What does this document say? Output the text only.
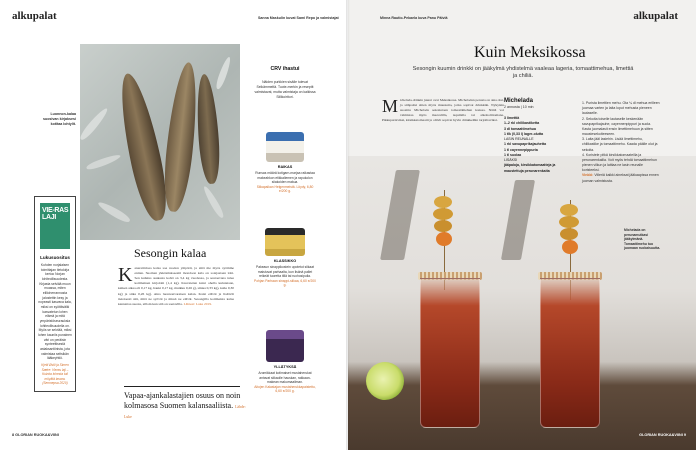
alkupalat	Sanna Maskulin kuvat Sami Repo ja valmistajat
Luonnon-kalaa suosivan kirjaksesi kotitaa lohtylit.
CRV ihastui
Näiden purkkien sisälle tulevat Seikämmeltä. Tuote-merkin ja reseptit valmistavat, mutta valmistaja on kaikissa Siilikoirttori.
RAIKAS
Runsas määrä kotigarn-marjaa raikastaa makeahkon etikkaliemen ja rapukolon siiakoiden makua.
Siikapaikan Helgenmeistä. Löydy, 6,80 e/200 g.
KLASSIKKO
Pakeaun sinappikostein upotetut siikaat maistuvat parhaalta, kun lisänä pallet reikeät tuoretta tillä tai ruohosipulia.
Pohjan Parhaan sinappi-siikaa, 6,60 e/200 g.
YLLÄTYKSÄ
Aromikkaat kotimaiset mustaherukat antavat siikaolle hauskan, rakkaan-makean makumaailman.
Aitojen Kalastajan mustaherukkapaistettu, 6,60 e/200 g.
VIE-RAS LAJI
Lukusuositus
Kuhden norjalaisen toimittajan tietokirja kertoo Norjan lohiteollisuudesta. Kirjasta selviää muun muassa, miten elilioherrannosta jalostettin kesy ja nopeasti kasvava kala, miksi on syöttävälki kasvatetun lohen elämä ja mitä ympäristöseurauksia lohiteollisuudella on. Myös se selviää, miksi lohen kauniis punainen väri on peräisin synteettisestä astaksantiinista, jota valmistaa seitsikän lääkeyhtiö.
Kjetil Østli ja Simen Sætre: Vieras laji – Kuinka lohesta tuli möyätä tavara. (Semnepsa 2020)
Sesongin kalaa
K aneratitrisaa kalaa saa ruodon ympärit, ja siitä me myös syömme eniten. Suomen ykkösmaiseesiti mondoon kala on sotajastaan lohi. Sen kulutus asukasta kohti on 3,4 kg vuodessa, ja seuraavana tulee kotimainen kirjolohi (1,4 kg). Kasvatetun kalat ohella kulutetaan, kaiken aikaa eli 0,17 kg, hauki 0,17 kg, muikku 0,26 g), siiaka 0,33 kg), kuha 0,30 kg) ja siika 0,26 kg). Aina luonnonvaraisen kalan. Kalat elävät ja lisäävät tietoisesti sitä, mitä ne syövät ja missä ne elävät. Sesongilla kotimaista kalaa kannattaa suosia, silloin kun sitä on saatavilla. Lähteet: Luke 2019.
Vapaa-ajankalastajien osuus on noin kolmasosa Suomen kalansaaliista. Lähde: Luke
8 GLORIAN RUOKA&VIINI
Minna Rautio-Pekaela kuva Panu Pälviä	alkupalat
Kuin Meksikossa
Sesongin kuumin drinkki on jääkylmä yhdistelmä vaaleaa lageria, tomaattimehua, limettiä ja chiliä.
M ichelada-drinkin juuret ovat Meksikossa. Micheladan perusta on aina olut, ja sitäpaitsi sitten myös mausteita, jotka sopivat drinkkiin. Nykyisin suosittu Michelada sekoitetaan tomaattimehun kanssa. Näitä voi valmistaa myös mezcalilla, tequilalla tai alkoholittomana. Pikkupurtaviksi, kirsikkatomaatit ja oliivit sopivat hyvin drinkkeihin tarjoiltaviksi.
Michelada
2 annosta | 10 min
3 limettiä
1–2 rkl chilikastiketta
3 dl tomaattimehua
1 tlk (0,33 l) lager-olutta
LASIN REUNALLE
1 rkl savupaprikajauhetta
1 tl cayennepippuria
1 tl suolaa
LISÄKSI
jääpaloja, kirsikkatomaatteja ja maustettuja perunarenkaita
1. Purista limettien mehu. Ota ¼ dl mehua erilleen juomaa varten ja laita loput mehusta pieneen lautaselle.
2. Sekoita toiselle lautaselle keskenään savupaprikajauhe, cayennenpippuri ja suola. Kasta juomalasit ensin limettimehuun ja sitten maustesekoiteeseen.
3. Laita jääl lasiehin. Lisää limettimehu, chilikastike ja tomaattimehu. Kaada päälle olut ja sekoita.
4. Koristele pitkä kirsikkatomaateilla ja perunarenkailla. Voit myös tehdä tomaattimehun pienen vilkun ja laittaa ne lasin reunalle koristeeksi.
Vinkki: Viileriä kaikki aineksat jääkaapissa ennen juoman valmistusta.
Michelada on perunamutkasi jääkylmänä. Tomaattimehu tuo juomaan ruokaisuutta.
GLORIAN RUOKA&VIINI 9
